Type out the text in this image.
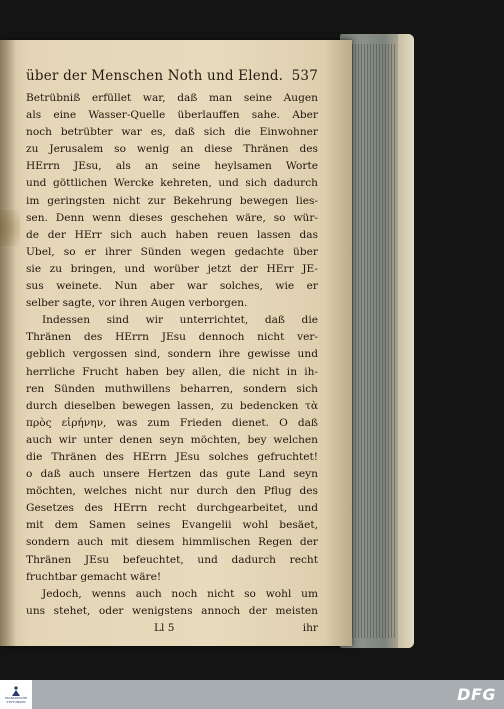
über der Menschen Noth und Elend. 537
Betrübniß erfüllet war, daß man seine Augen
als eine Wasser-Quelle überlauffen sahe. Aber
noch betrübter war es, daß sich die Einwohner
zu Jerusalem so wenig an diese Thränen des
HErrn JEsu, als an seine heylsamen Worte
und göttlichen Wercke kehreten, und sich dadurch
im geringsten nicht zur Bekehrung bewegen lies-
sen. Denn wenn dieses geschehen wäre, so wür-
de der HErr sich auch haben reuen lassen das
Ubel, so er ihrer Sünden wegen gedachte über
sie zu bringen, und worüber jetzt der HErr JE-
sus weinete. Nun aber war solches, wie er
selber sagte, vor ihren Augen verborgen.
Indessen sind wir unterrichtet, daß die
Thränen des HErrn JEsu dennoch nicht ver-
geblich vergossen sind, sondern ihre gewisse und
herrliche Frucht haben bey allen, die nicht in ih-
ren Sünden muthwillens beharren, sondern sich
durch dieselben bewegen lassen, zu bedencken τὰ
πρὸς εἰρήνην, was zum Frieden dienet. O daß
auch wir unter denen seyn möchten, bey welchen
die Thränen des HErrn JEsu solches gefruchtet!
o daß auch unsere Hertzen das gute Land seyn
möchten, welches nicht nur durch den Pflug des
Gesetzes des HErrn recht durchgearbeitet, und
mit dem Samen seines Evangelii wohl besäet,
sondern auch mit diesem himmlischen Regen der
Thränen JEsu befeuchtet, und dadurch recht
fruchtbar gemacht wäre!
Jedoch, wenns auch noch nicht so wohl um
uns stehet, oder wenigstens annoch der meisten
Ll 5	ihr
FRANCKESCHE STIFTUNGEN	DFG
